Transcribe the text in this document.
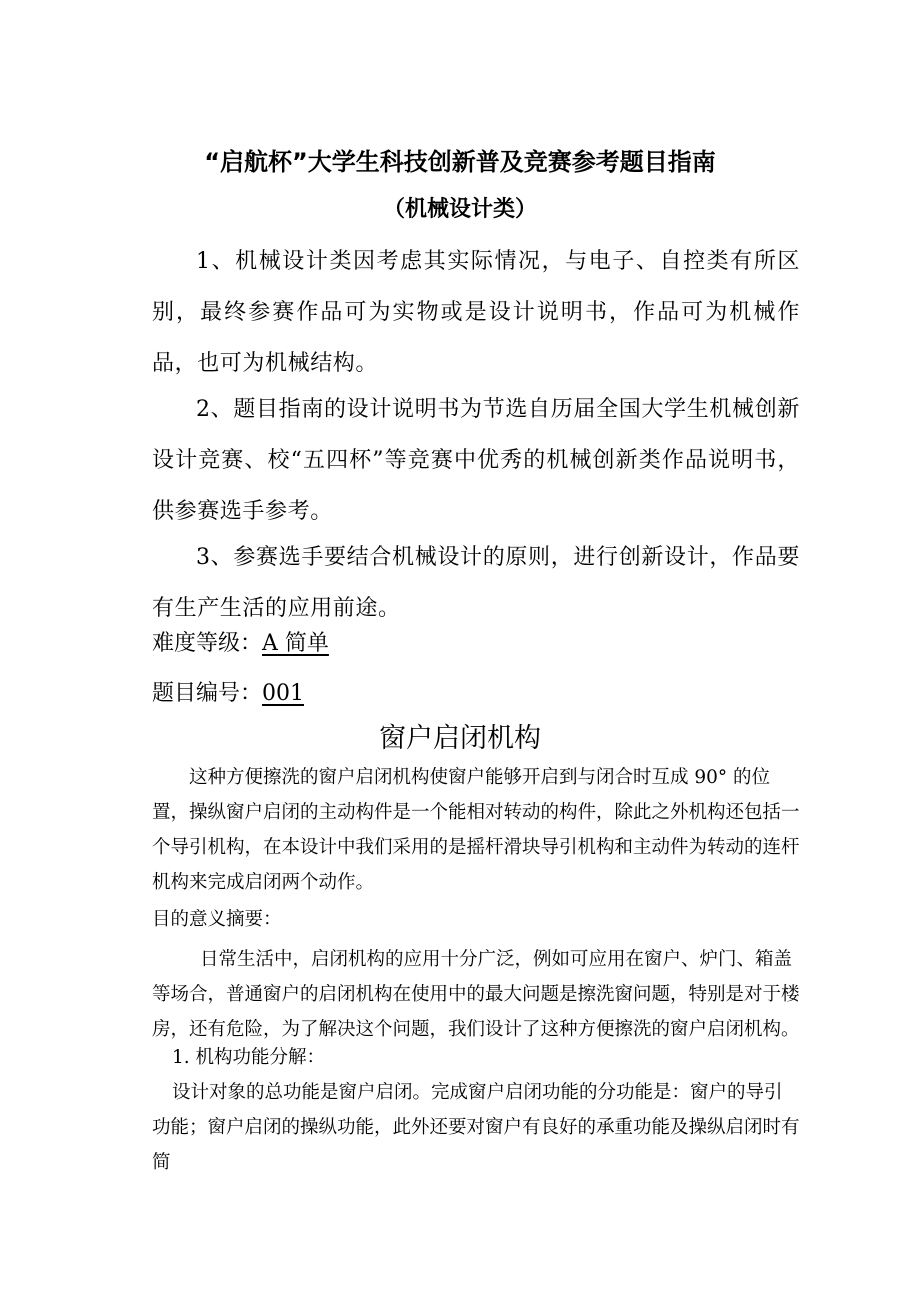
“启航杯”大学生科技创新普及竞赛参考题目指南
（机械设计类）

1、机械设计类因考虑其实际情况，与电子、自控类有所区别，最终参赛作品可为实物或是设计说明书，作品可为机械作品，也可为机械结构。

2、题目指南的设计说明书为节选自历届全国大学生机械创新设计竞赛、校“五四杯”等竞赛中优秀的机械创新类作品说明书，供参赛选手参考。

3、参赛选手要结合机械设计的原则，进行创新设计，作品要有生产生活的应用前途。

难度等级：A 简单
题目编号：001
窗户启闭机构

这种方便擦洗的窗户启闭机构使窗户能够开启到与闭合时互成 90° 的位置，操纵窗户启闭的主动构件是一个能相对转动的构件，除此之外机构还包括一个导引机构，在本设计中我们采用的是摇杆滑块导引机构和主动件为转动的连杆机构来完成启闭两个动作。

目的意义摘要：

日常生活中，启闭机构的应用十分广泛，例如可应用在窗户、炉门、箱盖等场合，普通窗户的启闭机构在使用中的最大问题是擦洗窗问题，特别是对于楼房，还有危险，为了解决这个问题，我们设计了这种方便擦洗的窗户启闭机构。

1. 机构功能分解：

设计对象的总功能是窗户启闭。完成窗户启闭功能的分功能是：窗户的导引功能；窗户启闭的操纵功能，此外还要对窗户有良好的承重功能及操纵启闭时有简
